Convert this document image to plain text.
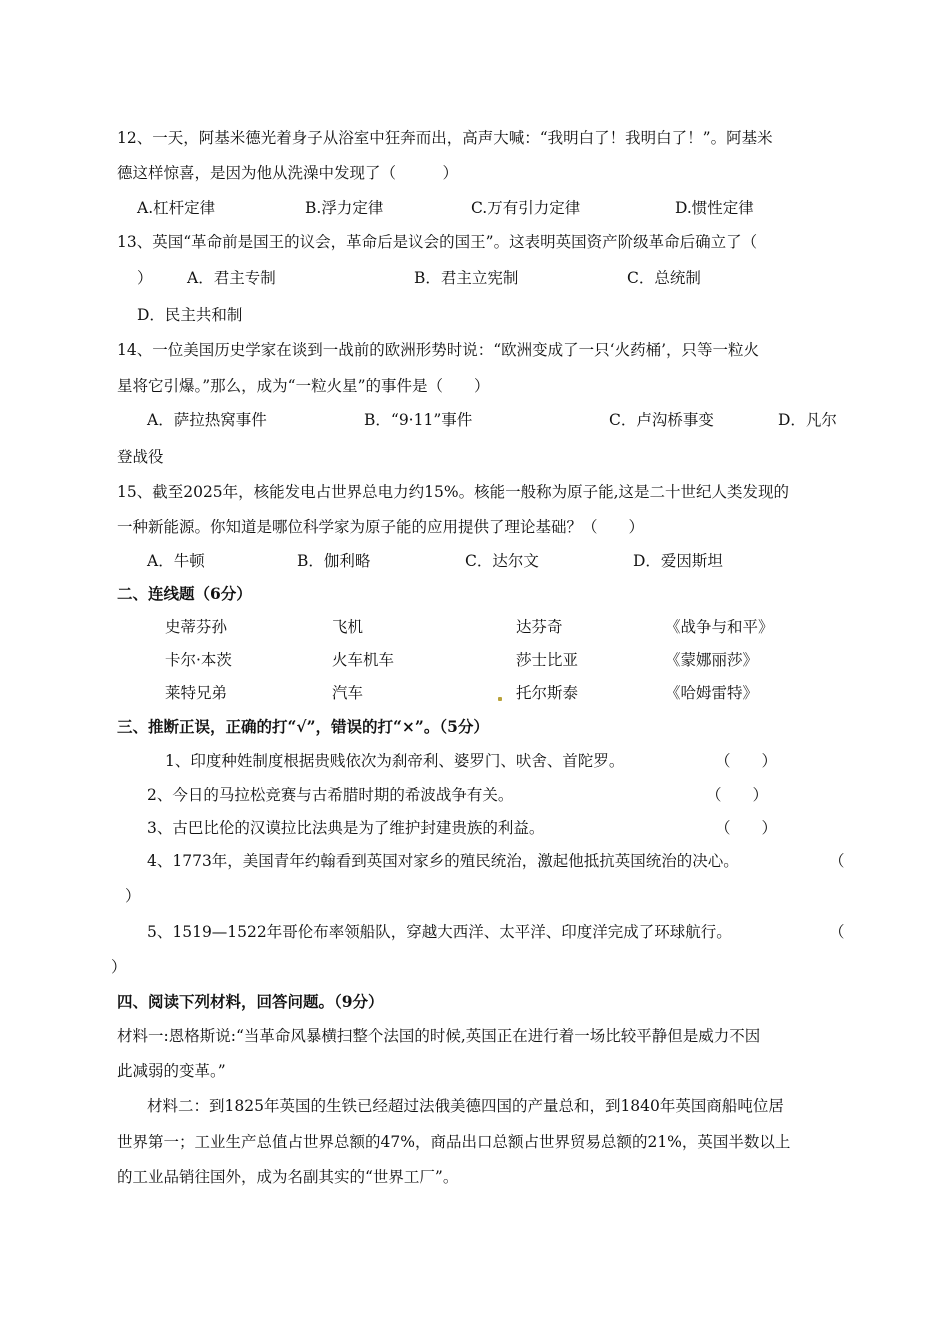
12、一天，阿基米德光着身子从浴室中狂奔而出，高声大喊：“我明白了！我明白了！”。阿基米
德这样惊喜，是因为他从洗澡中发现了（　　　）
A.杠杆定律	B.浮力定律	C.万有引力定律	D.惯性定律
13、英国“革命前是国王的议会，革命后是议会的国王”。这表明英国资产阶级革命后确立了（
） A．君主专制	B．君主立宪制	C．总统制
D．民主共和制
14、一位美国历史学家在谈到一战前的欧洲形势时说：“欧洲变成了一只‘火药桶’，只等一粒火
星将它引爆。”那么，成为“一粒火星”的事件是（　　）
A．萨拉热窝事件	B．“9·11”事件	C．卢沟桥事变	D．凡尔
登战役
15、截至2025年，核能发电占世界总电力约15%。核能一般称为原子能,这是二十世纪人类发现的
一种新能源。你知道是哪位科学家为原子能的应用提供了理论基础？（　　）
A．牛顿	B．伽利略	C．达尔文	D．爱因斯坦
二、连线题（6分）
史蒂芬孙	飞机	达芬奇	《战争与和平》
卡尔·本茨	火车机车	莎士比亚	《蒙娜丽莎》
莱特兄弟	汽车	托尔斯泰	《哈姆雷特》
三、推断正误，正确的打“√”，错误的打“×”。（5分）
1、印度种姓制度根据贵贱依次为刹帝利、婆罗门、吠舍、首陀罗。	（　　）
2、今日的马拉松竞赛与古希腊时期的希波战争有关。	（　　）
3、古巴比伦的汉谟拉比法典是为了维护封建贵族的利益。	（　　）
4、1773年，美国青年约翰看到英国对家乡的殖民统治，激起他抵抗英国统治的决心。	（
）
5、1519—1522年哥伦布率领船队，穿越大西洋、太平洋、印度洋完成了环球航行。	（
）
四、阅读下列材料，回答问题。（9分）
材料一:恩格斯说:“当革命风暴横扫整个法国的时候,英国正在进行着一场比较平静但是威力不因
此减弱的变革。”
材料二：到1825年英国的生铁已经超过法俄美德四国的产量总和，到1840年英国商船吨位居
世界第一；工业生产总值占世界总额的47%，商品出口总额占世界贸易总额的21%，英国半数以上
的工业品销往国外，成为名副其实的“世界工厂”。
